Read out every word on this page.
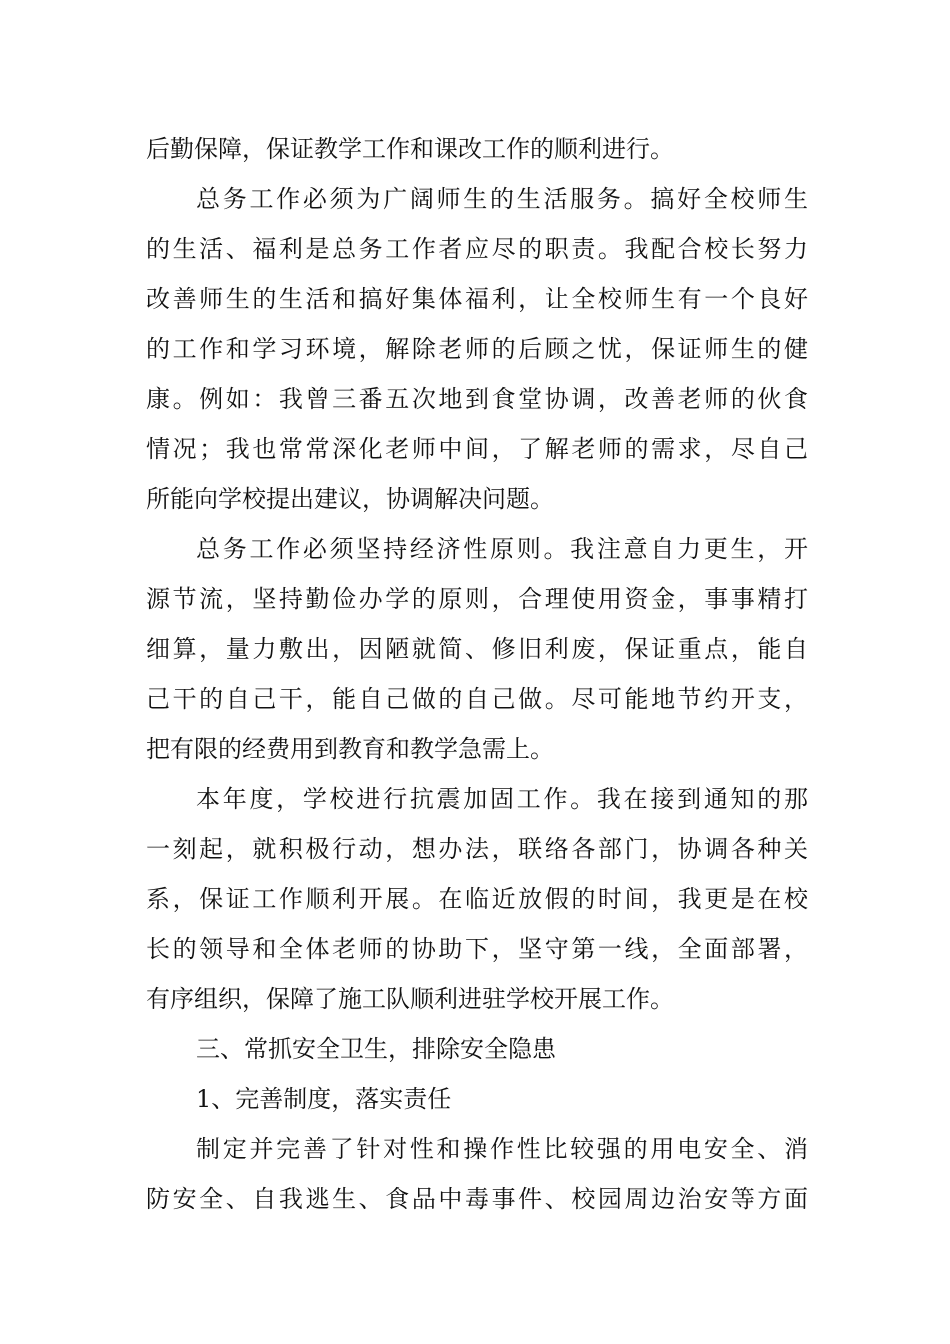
后勤保障，保证教学工作和课改工作的顺利进行。
总务工作必须为广阔师生的生活服务。搞好全校师生
的生活、福利是总务工作者应尽的职责。我配合校长努力
改善师生的生活和搞好集体福利，让全校师生有一个良好
的工作和学习环境，解除老师的后顾之忧，保证师生的健
康。例如：我曾三番五次地到食堂协调，改善老师的伙食
情况；我也常常深化老师中间，了解老师的需求，尽自己
所能向学校提出建议，协调解决问题。
总务工作必须坚持经济性原则。我注意自力更生，开
源节流，坚持勤俭办学的原则，合理使用资金，事事精打
细算，量力敷出，因陋就简、修旧利废，保证重点，能自
己干的自己干，能自己做的自己做。尽可能地节约开支，
把有限的经费用到教育和教学急需上。
本年度，学校进行抗震加固工作。我在接到通知的那
一刻起，就积极行动，想办法，联络各部门，协调各种关
系，保证工作顺利开展。在临近放假的时间，我更是在校
长的领导和全体老师的协助下，坚守第一线，全面部署，
有序组织，保障了施工队顺利进驻学校开展工作。
三、常抓安全卫生，排除安全隐患
1、完善制度，落实责任
制定并完善了针对性和操作性比较强的用电安全、消
防安全、自我逃生、食品中毒事件、校园周边治安等方面
